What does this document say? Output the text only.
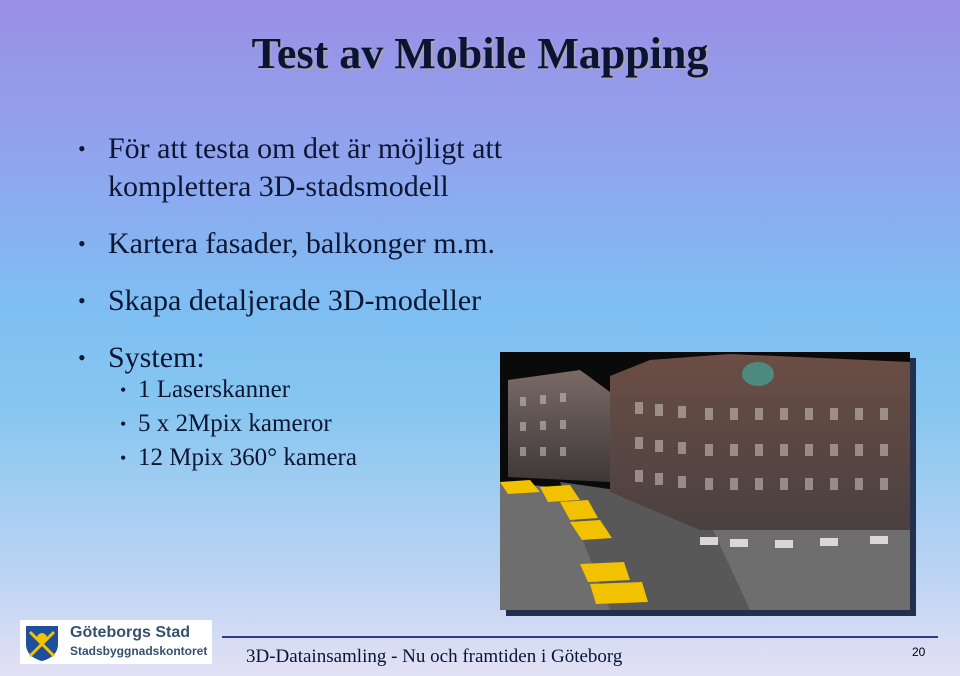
Test av Mobile Mapping
• För att testa om det är möjligt att
komplettera 3D-stadsmodell
• Kartera fasader, balkonger m.m.
• Skapa detaljerade 3D-modeller
• System:
• 1 Laserskanner
• 5 x 2Mpix kameror
• 12 Mpix 360° kamera
Göteborgs Stad
Stadsbyggnadskontoret 3D-Datainsamling - Nu och framtiden i Göteborg	20
